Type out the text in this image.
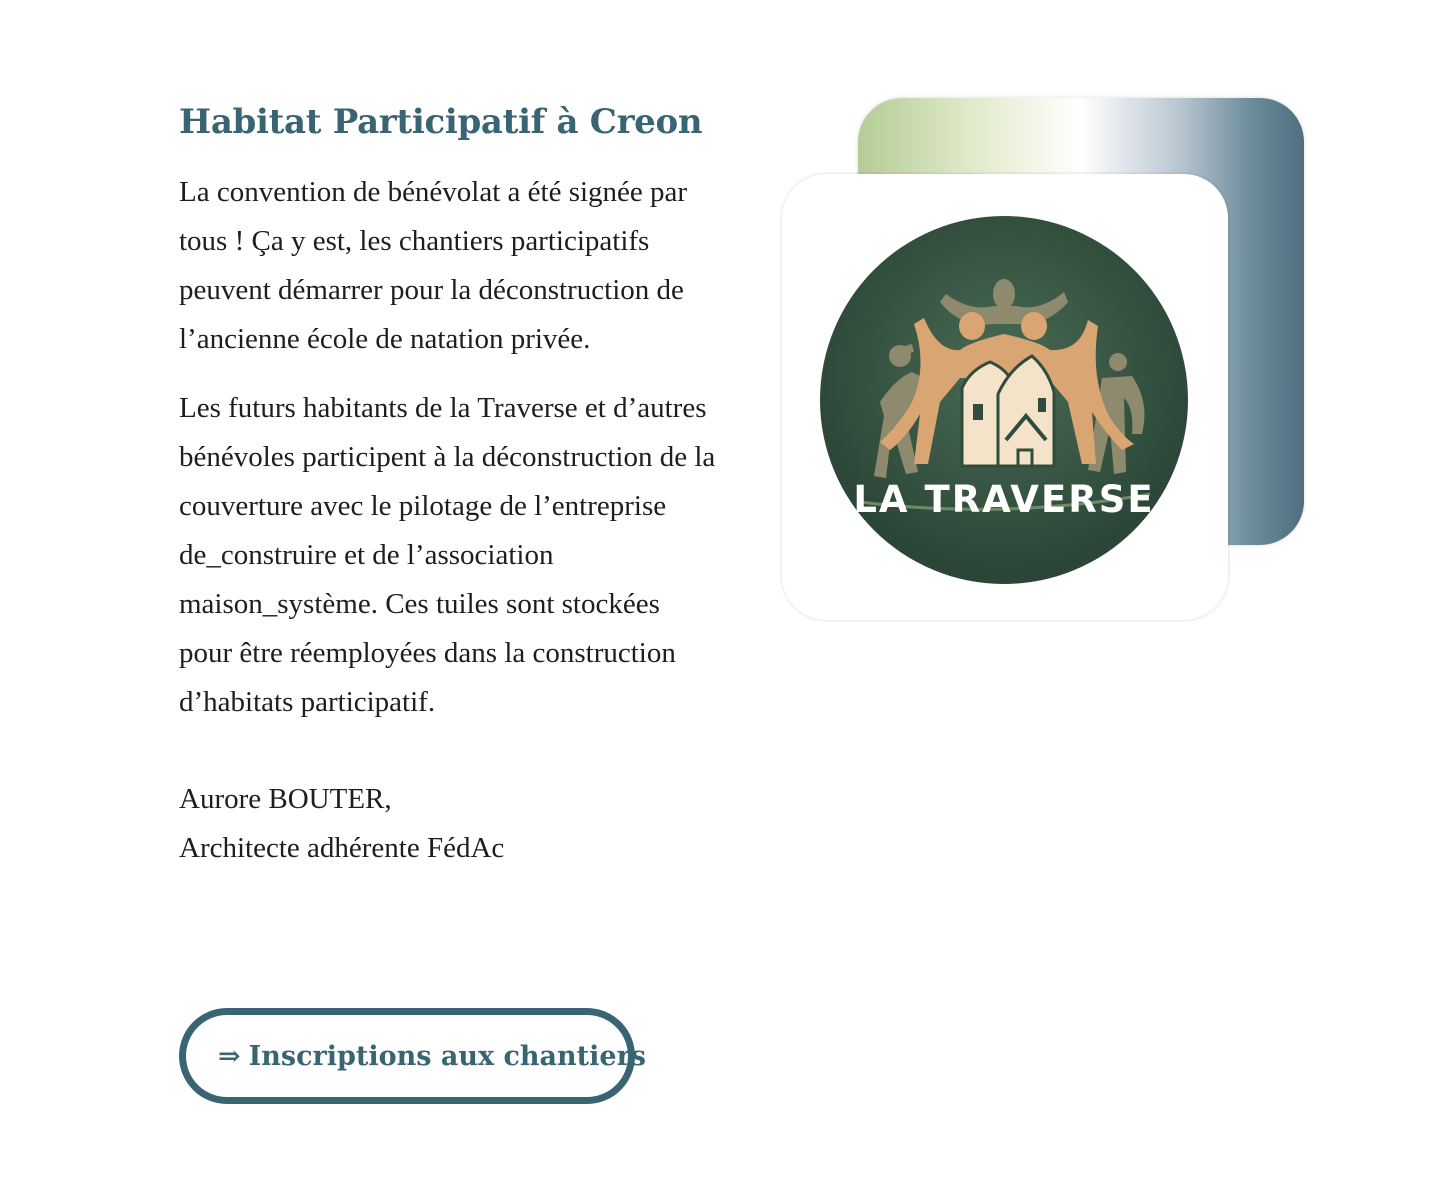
Habitat Participatif à Creon

La convention de bénévolat a été signée par tous ! Ça y est, les chantiers participatifs peuvent démarrer pour la déconstruction de l’ancienne école de natation privée.

Les futurs habitants de la Traverse et d’autres bénévoles participent à la déconstruction de la couverture avec le pilotage de l’entreprise de_construire et de l’association maison_système. Ces tuiles sont stockées pour être réemployées dans la construction d’habitats participatif.

Aurore BOUTER,
Architecte adhérente FédAc
⇒ Inscriptions aux chantiers
LA TRAVERSE
